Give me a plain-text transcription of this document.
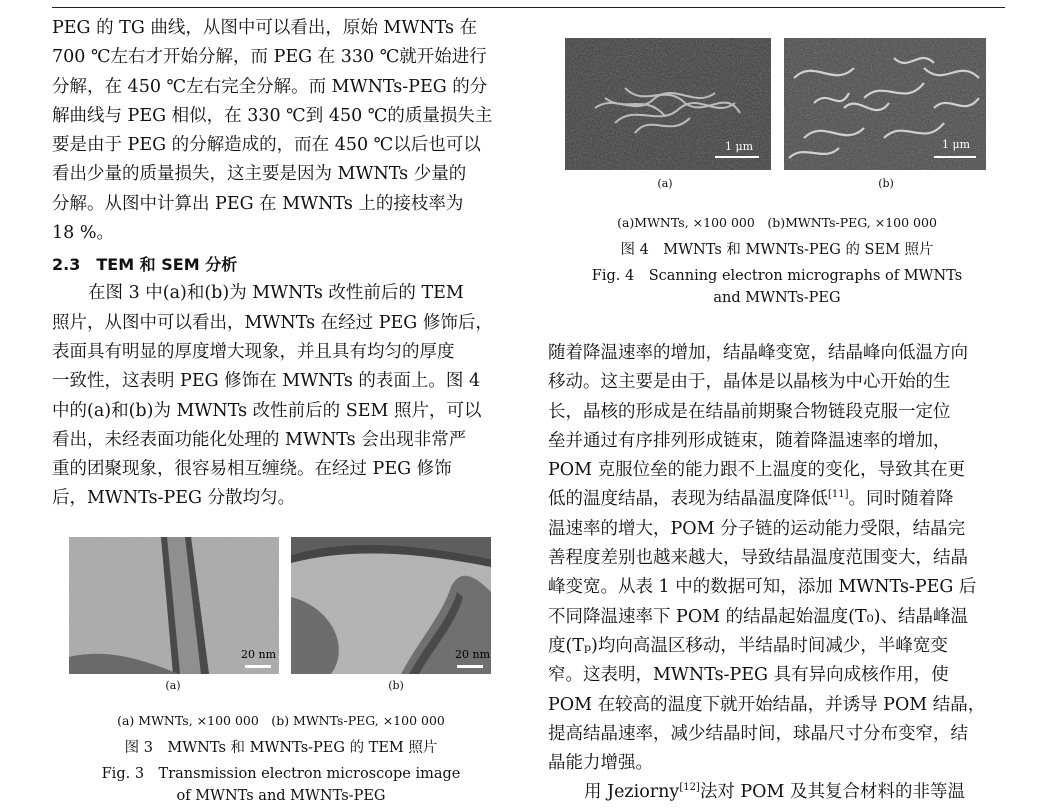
PEG 的 TG 曲线，从图中可以看出，原始 MWNTs 在
700 ℃左右才开始分解，而 PEG 在 330 ℃就开始进行
分解，在 450 ℃左右完全分解。而 MWNTs-PEG 的分
解曲线与 PEG 相似，在 330 ℃到 450 ℃的质量损失主
要是由于 PEG 的分解造成的，而在 450 ℃以后也可以
看出少量的质量损失，这主要是因为 MWNTs 少量的
分解。从图中计算出 PEG 在 MWNTs 上的接枝率为
18 %。

2.3　TEM 和 SEM 分析

在图 3 中(a)和(b)为 MWNTs 改性前后的 TEM
照片，从图中可以看出，MWNTs 在经过 PEG 修饰后，
表面具有明显的厚度增大现象，并且具有均匀的厚度
一致性，这表明 PEG 修饰在 MWNTs 的表面上。图 4
中的(a)和(b)为 MWNTs 改性前后的 SEM 照片，可以
看出，未经表面功能化处理的 MWNTs 会出现非常严
重的团聚现象，很容易相互缠绕。在经过 PEG 修饰
后，MWNTs-PEG 分散均匀。

20 nm	20 nm
(a)	(b)
(a) MWNTs, ×100 000　(b) MWNTs-PEG, ×100 000
图 3　MWNTs 和 MWNTs-PEG 的 TEM 照片
Fig. 3　Transmission electron microscope image
of MWNTs and MWNTs-PEG
1 μm	1 μm
(a)	(b)
(a)MWNTs, ×100 000　(b)MWNTs-PEG, ×100 000
图 4　MWNTs 和 MWNTs-PEG 的 SEM 照片
Fig. 4　Scanning electron micrographs of MWNTs
and MWNTs-PEG

随着降温速率的增加，结晶峰变宽，结晶峰向低温方向
移动。这主要是由于，晶体是以晶核为中心开始的生
长，晶核的形成是在结晶前期聚合物链段克服一定位
垒并通过有序排列形成链束，随着降温速率的增加，
POM 克服位垒的能力跟不上温度的变化，导致其在更
低的温度结晶，表现为结晶温度降低[11]。同时随着降
温速率的增大，POM 分子链的运动能力受限，结晶完
善程度差别也越来越大，导致结晶温度范围变大，结晶
峰变宽。从表 1 中的数据可知，添加 MWNTs-PEG 后
不同降温速率下 POM 的结晶起始温度(T₀)、结晶峰温
度(Tₚ)均向高温区移动，半结晶时间减少，半峰宽变
窄。这表明，MWNTs-PEG 具有异向成核作用，使
POM 在较高的温度下就开始结晶，并诱导 POM 结晶，
提高结晶速率，减少结晶时间，球晶尺寸分布变窄，结
晶能力增强。
用 Jeziorny[12]法对 POM 及其复合材料的非等温
